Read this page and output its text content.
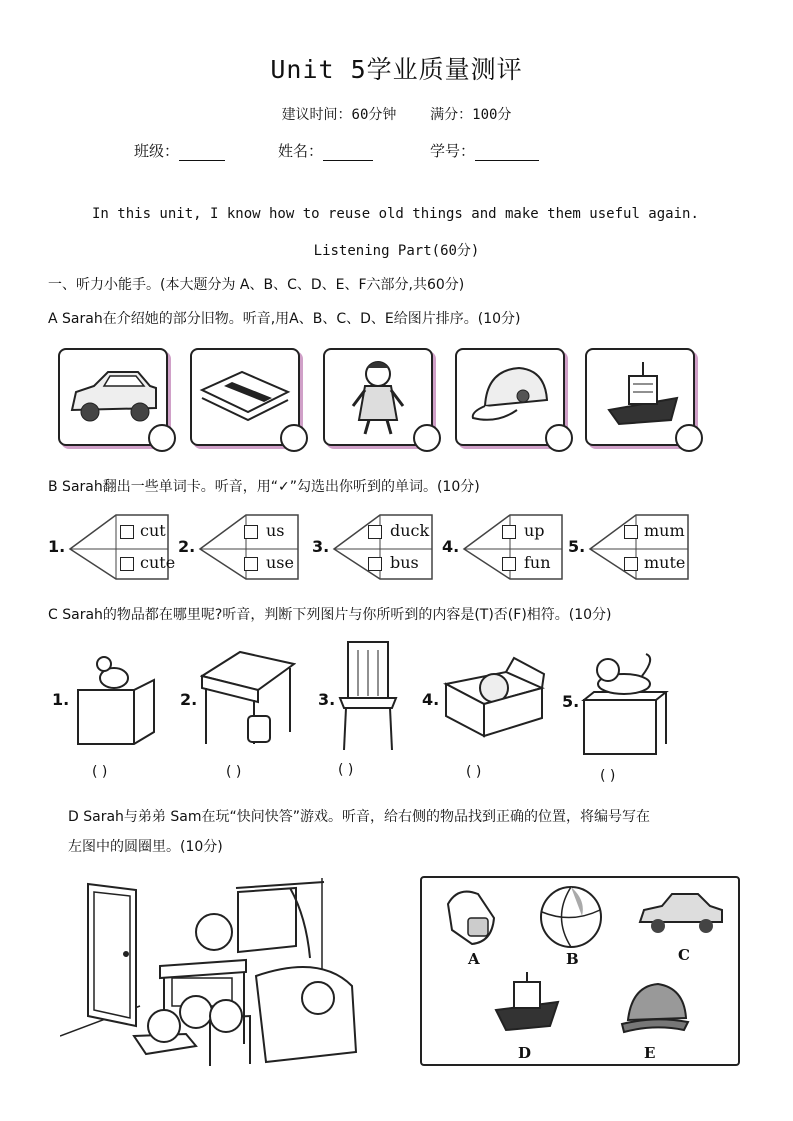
Unit 5学业质量测评
建议时间：60分钟    满分：100分
班级：	姓名：	学号：
In this unit, I know how to reuse old things and make them useful again.
Listening Part(60分)
一、听力小能手。(本大题分为 A、B、C、D、E、F六部分,共60分)
A Sarah在介绍她的部分旧物。听音,用A、B、C、D、E给图片排序。(10分)
B Sarah翻出一些单词卡。听音，用“✓”勾选出你听到的单词。(10分)
1.
cut
cute
2.
us
use
3.
duck
bus
4.
up
fun
5.
mum
mute
C Sarah的物品都在哪里呢?听音，判断下列图片与你所听到的内容是(T)否(F)相符。(10分)
1.
( )
2.
( )
3.
( )
4.
( )
5.
( )
D Sarah与弟弟 Sam在玩“快问快答”游戏。听音，给右侧的物品找到正确的位置，将编号写在
左图中的圆圈里。(10分)
A	B	C
D	E
